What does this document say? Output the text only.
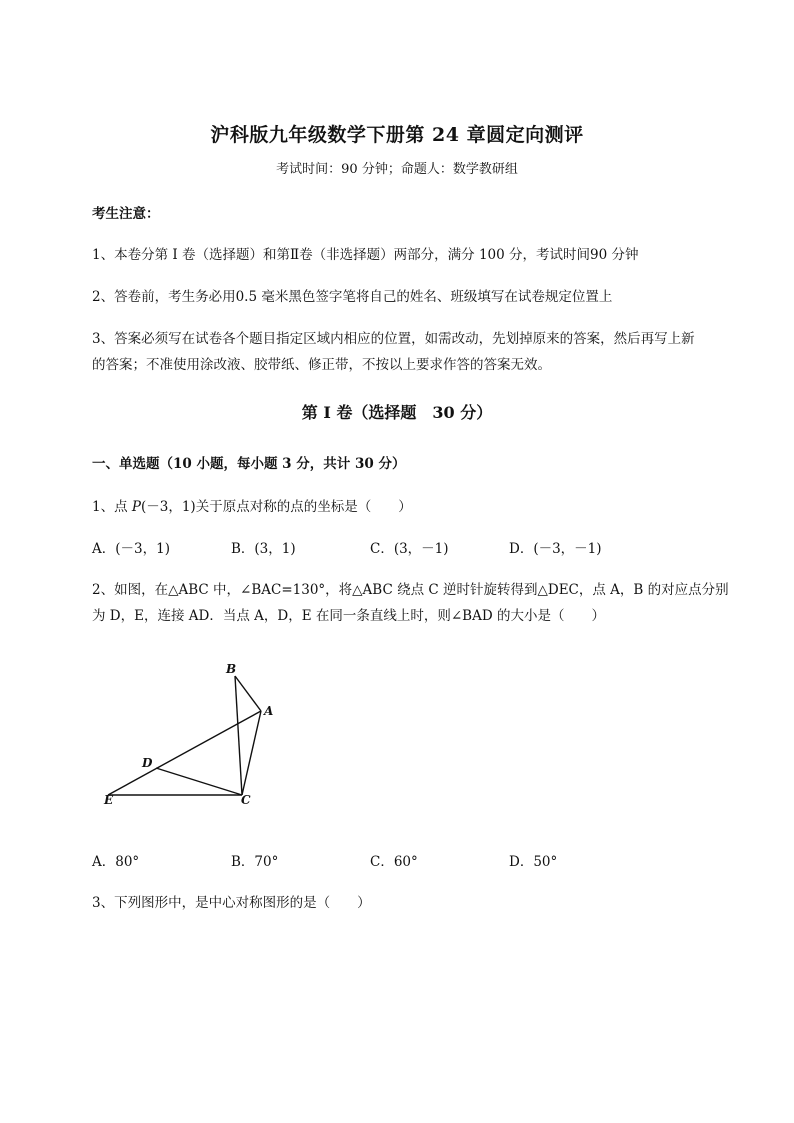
沪科版九年级数学下册第 24 章圆定向测评
考试时间：90 分钟；命题人：数学教研组
考生注意：
1、本卷分第 I 卷（选择题）和第Ⅱ卷（非选择题）两部分，满分 100 分，考试时间90 分钟
2、答卷前，考生务必用0.5 毫米黑色签字笔将自己的姓名、班级填写在试卷规定位置上
3、答案必须写在试卷各个题目指定区域内相应的位置，如需改动，先划掉原来的答案，然后再写上新
的答案；不准使用涂改液、胶带纸、修正带，不按以上要求作答的答案无效。
第 I 卷（选择题　30 分）
一、单选题（10 小题，每小题 3 分，共计 30 分）
1、点 P(－3，1)关于原点对称的点的坐标是（　　）
A．(－3，1)	B．(3，1)	C．(3，－1)	D．(－3，－1)
2、如图，在△ABC 中，∠BAC=130°，将△ABC 绕点 C 逆时针旋转得到△DEC，点 A，B 的对应点分别
为 D，E，连接 AD．当点 A，D，E 在同一条直线上时，则∠BAD 的大小是（　　）
B
A
D
E	C
A．80°	B．70°	C．60°	D．50°
3、下列图形中，是中心对称图形的是（　　）
